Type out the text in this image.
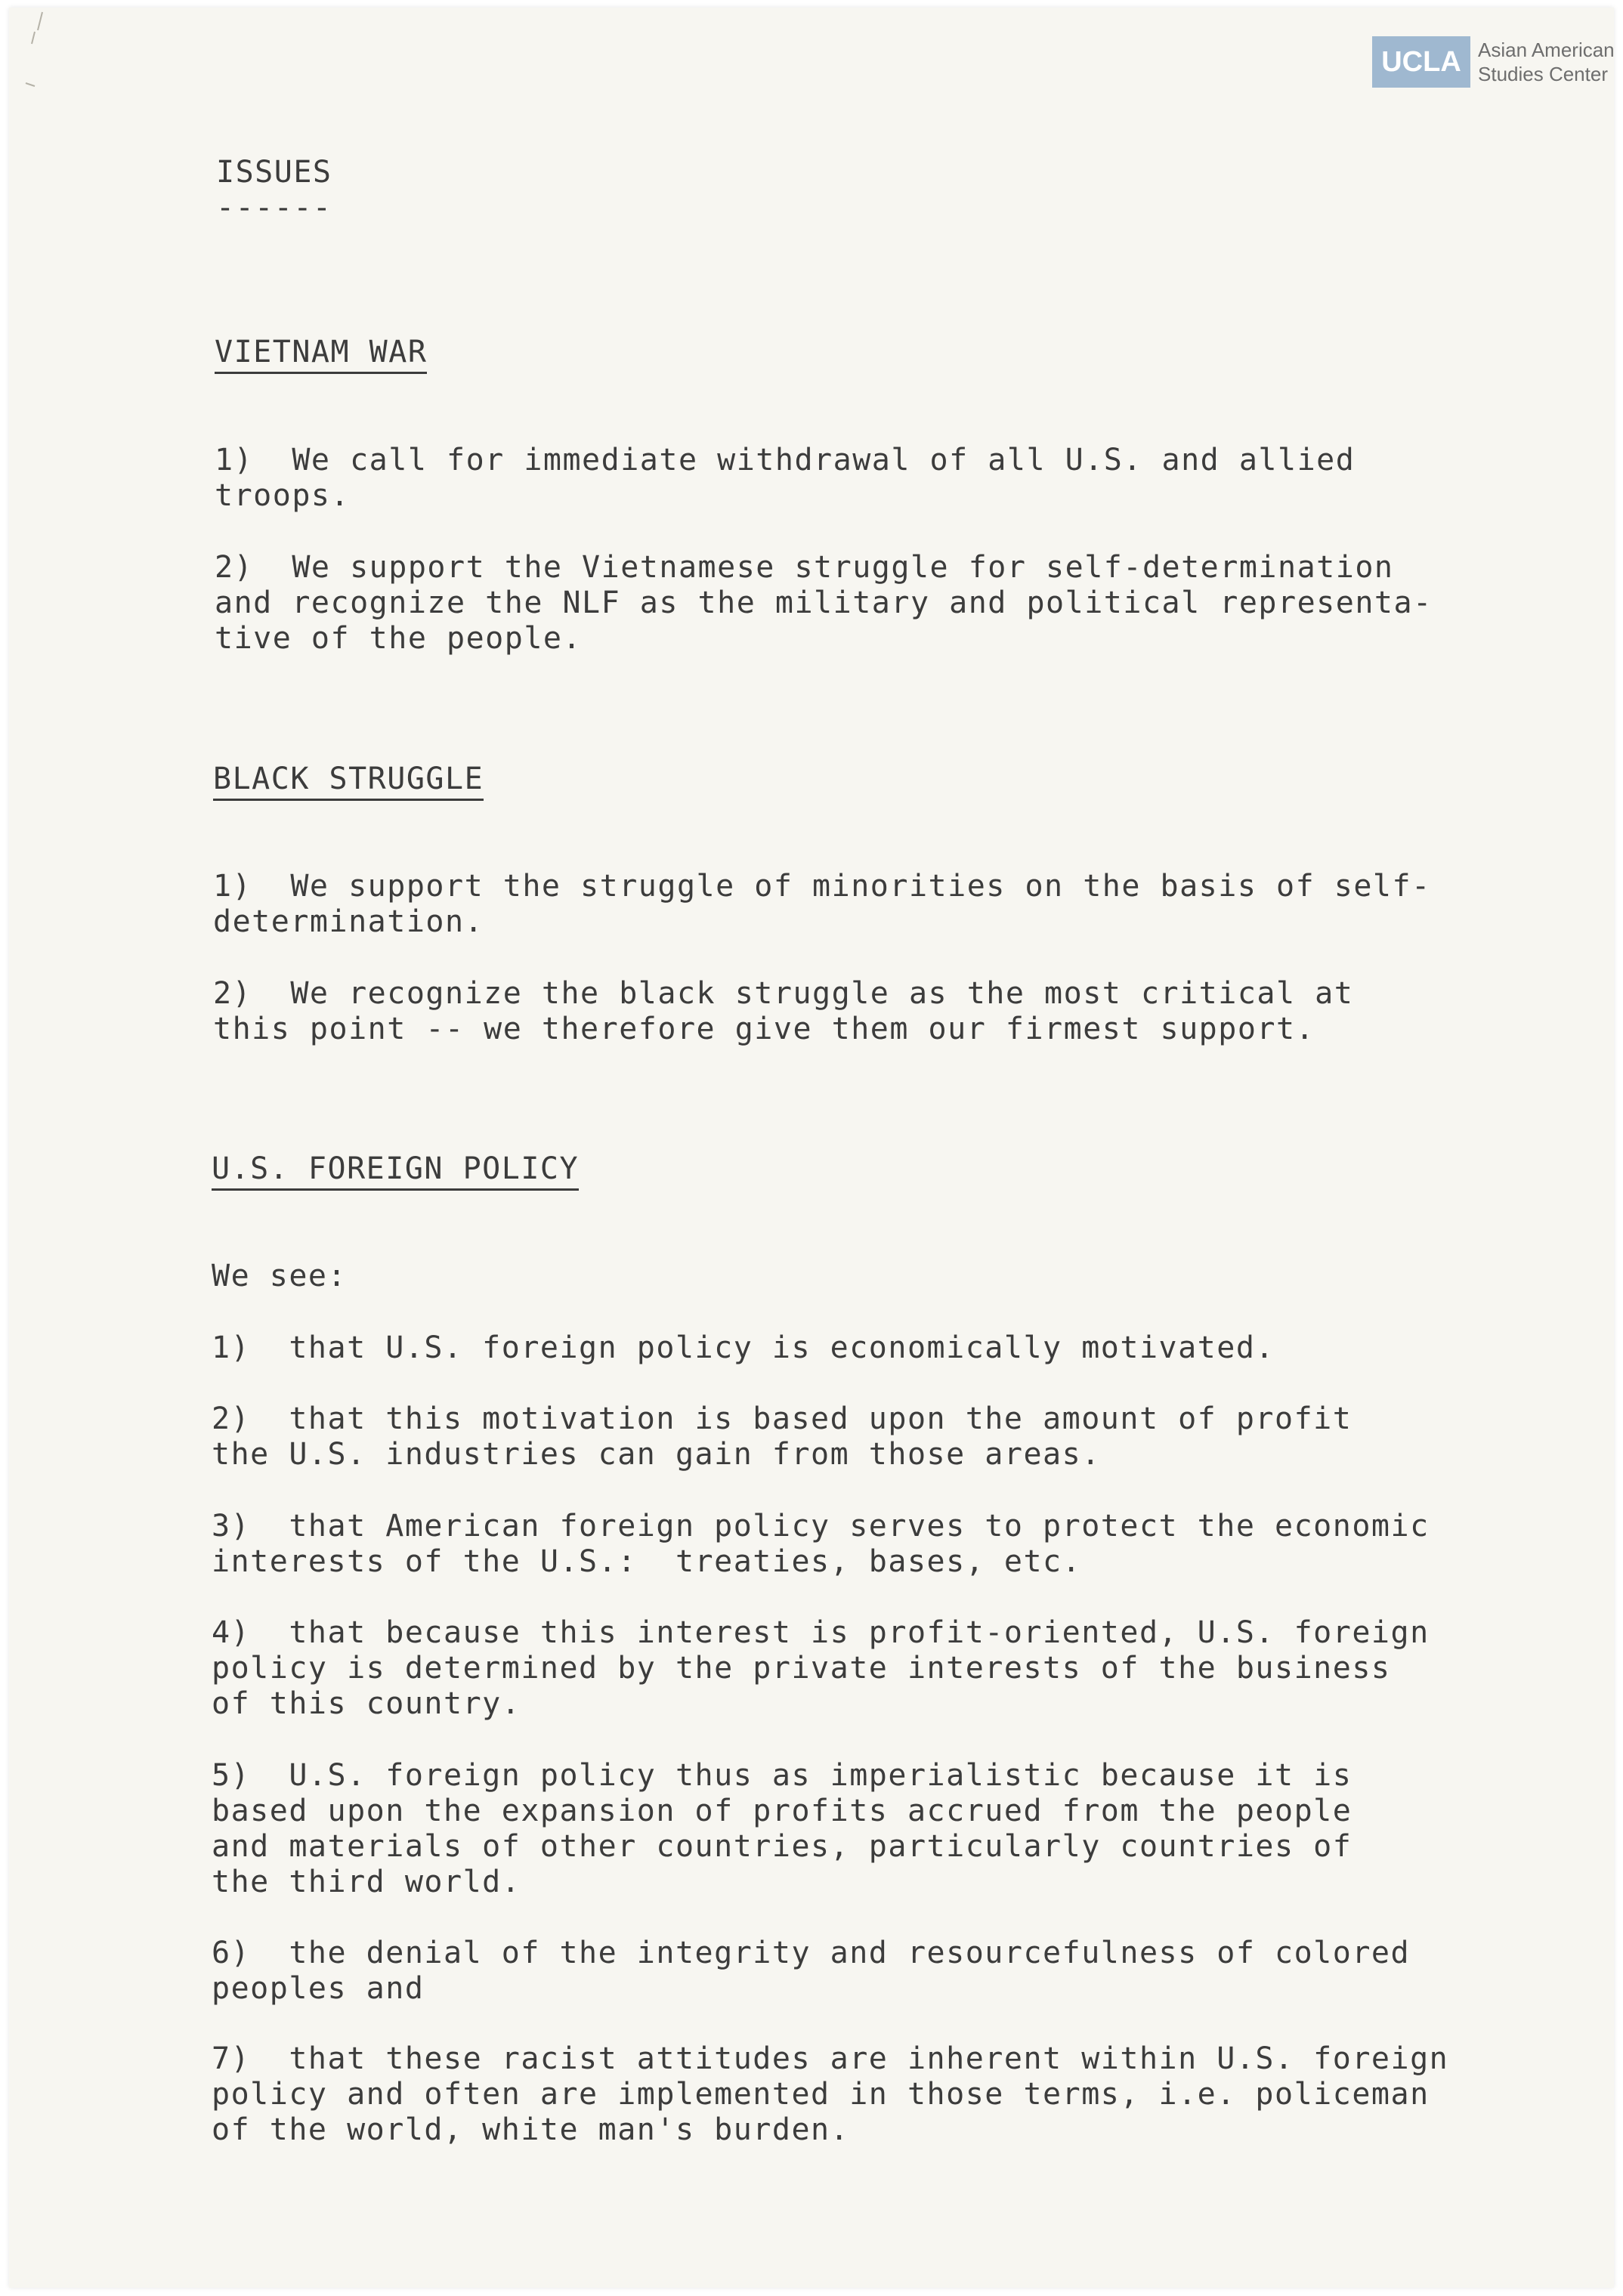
UCLA Asian American
Studies Center
ISSUES
------
VIETNAM WAR
1)  We call for immediate withdrawal of all U.S. and allied
troops.
2)  We support the Vietnamese struggle for self-determination
and recognize the NLF as the military and political representa-
tive of the people.
BLACK STRUGGLE
1)  We support the struggle of minorities on the basis of self-
determination.
2)  We recognize the black struggle as the most critical at
this point -- we therefore give them our firmest support.
U.S. FOREIGN POLICY
We see:
1)  that U.S. foreign policy is economically motivated.
2)  that this motivation is based upon the amount of profit
the U.S. industries can gain from those areas.
3)  that American foreign policy serves to protect the economic
interests of the U.S.:  treaties, bases, etc.
4)  that because this interest is profit-oriented, U.S. foreign
policy is determined by the private interests of the business
of this country.
5)  U.S. foreign policy thus as imperialistic because it is
based upon the expansion of profits accrued from the people
and materials of other countries, particularly countries of
the third world.
6)  the denial of the integrity and resourcefulness of colored
peoples and
7)  that these racist attitudes are inherent within U.S. foreign
policy and often are implemented in those terms, i.e. policeman
of the world, white man's burden.
